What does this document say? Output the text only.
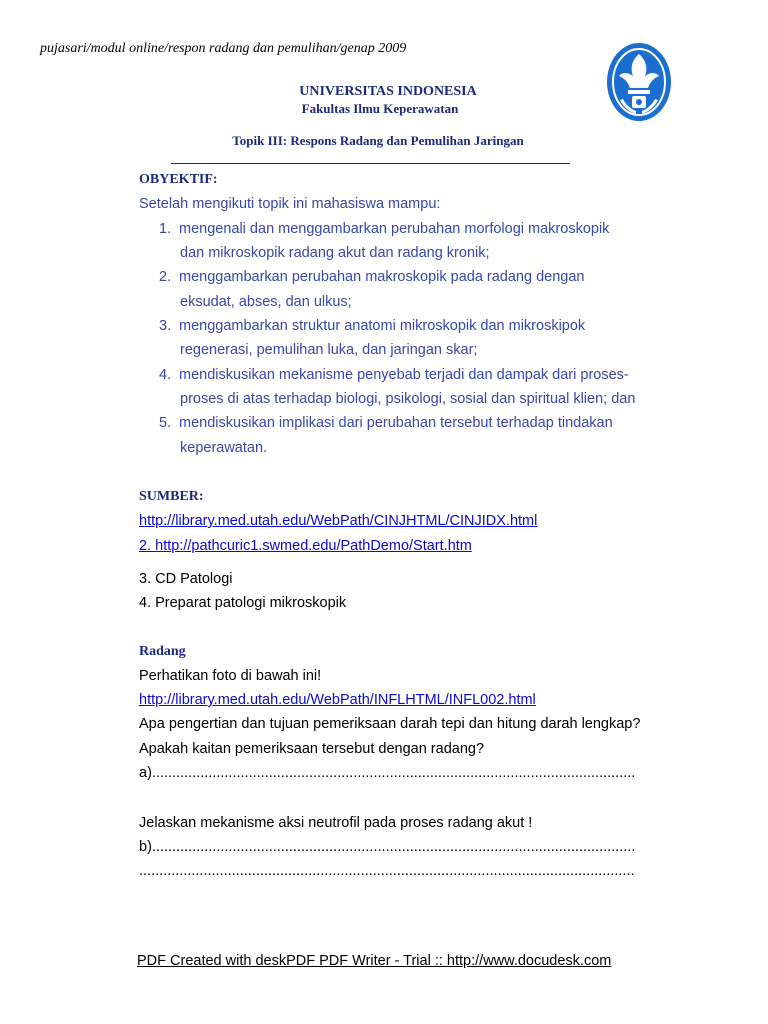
pujasari/modul online/respon radang dan pemulihan/genap 2009
UNIVERSITAS INDONESIA
Fakultas Ilmu Keperawatan
Topik III: Respons Radang dan Pemulihan Jaringan
OBYEKTIF:
Setelah mengikuti topik ini mahasiswa mampu:
1. mengenali dan menggambarkan perubahan morfologi makroskopik
dan mikroskopik radang akut dan radang kronik;
2. menggambarkan perubahan makroskopik pada radang dengan
eksudat, abses, dan ulkus;
3. menggambarkan struktur anatomi mikroskopik dan mikroskipok
regenerasi, pemulihan luka, dan jaringan skar;
4. mendiskusikan mekanisme penyebab terjadi dan dampak dari proses-
proses di atas terhadap biologi, psikologi, sosial dan spiritual klien; dan
5. mendiskusikan implikasi dari perubahan tersebut terhadap tindakan
keperawatan.
SUMBER:
http://library.med.utah.edu/WebPath/CINJHTML/CINJIDX.html
2. http://pathcuric1.swmed.edu/PathDemo/Start.htm
3. CD Patologi
4. Preparat patologi mikroskopik
Radang
Perhatikan foto di bawah ini!
http://library.med.utah.edu/WebPath/INFLHTML/INFL002.html
Apa pengertian dan tujuan pemeriksaan darah tepi dan hitung darah lengkap?
Apakah kaitan pemeriksaan tersebut dengan radang?
a)........................................................................................................................
Jelaskan mekanisme aksi neutrofil pada proses radang akut !
b)........................................................................................................................
...........................................................................................................................
PDF Created with deskPDF PDF Writer - Trial :: http://www.docudesk.com
